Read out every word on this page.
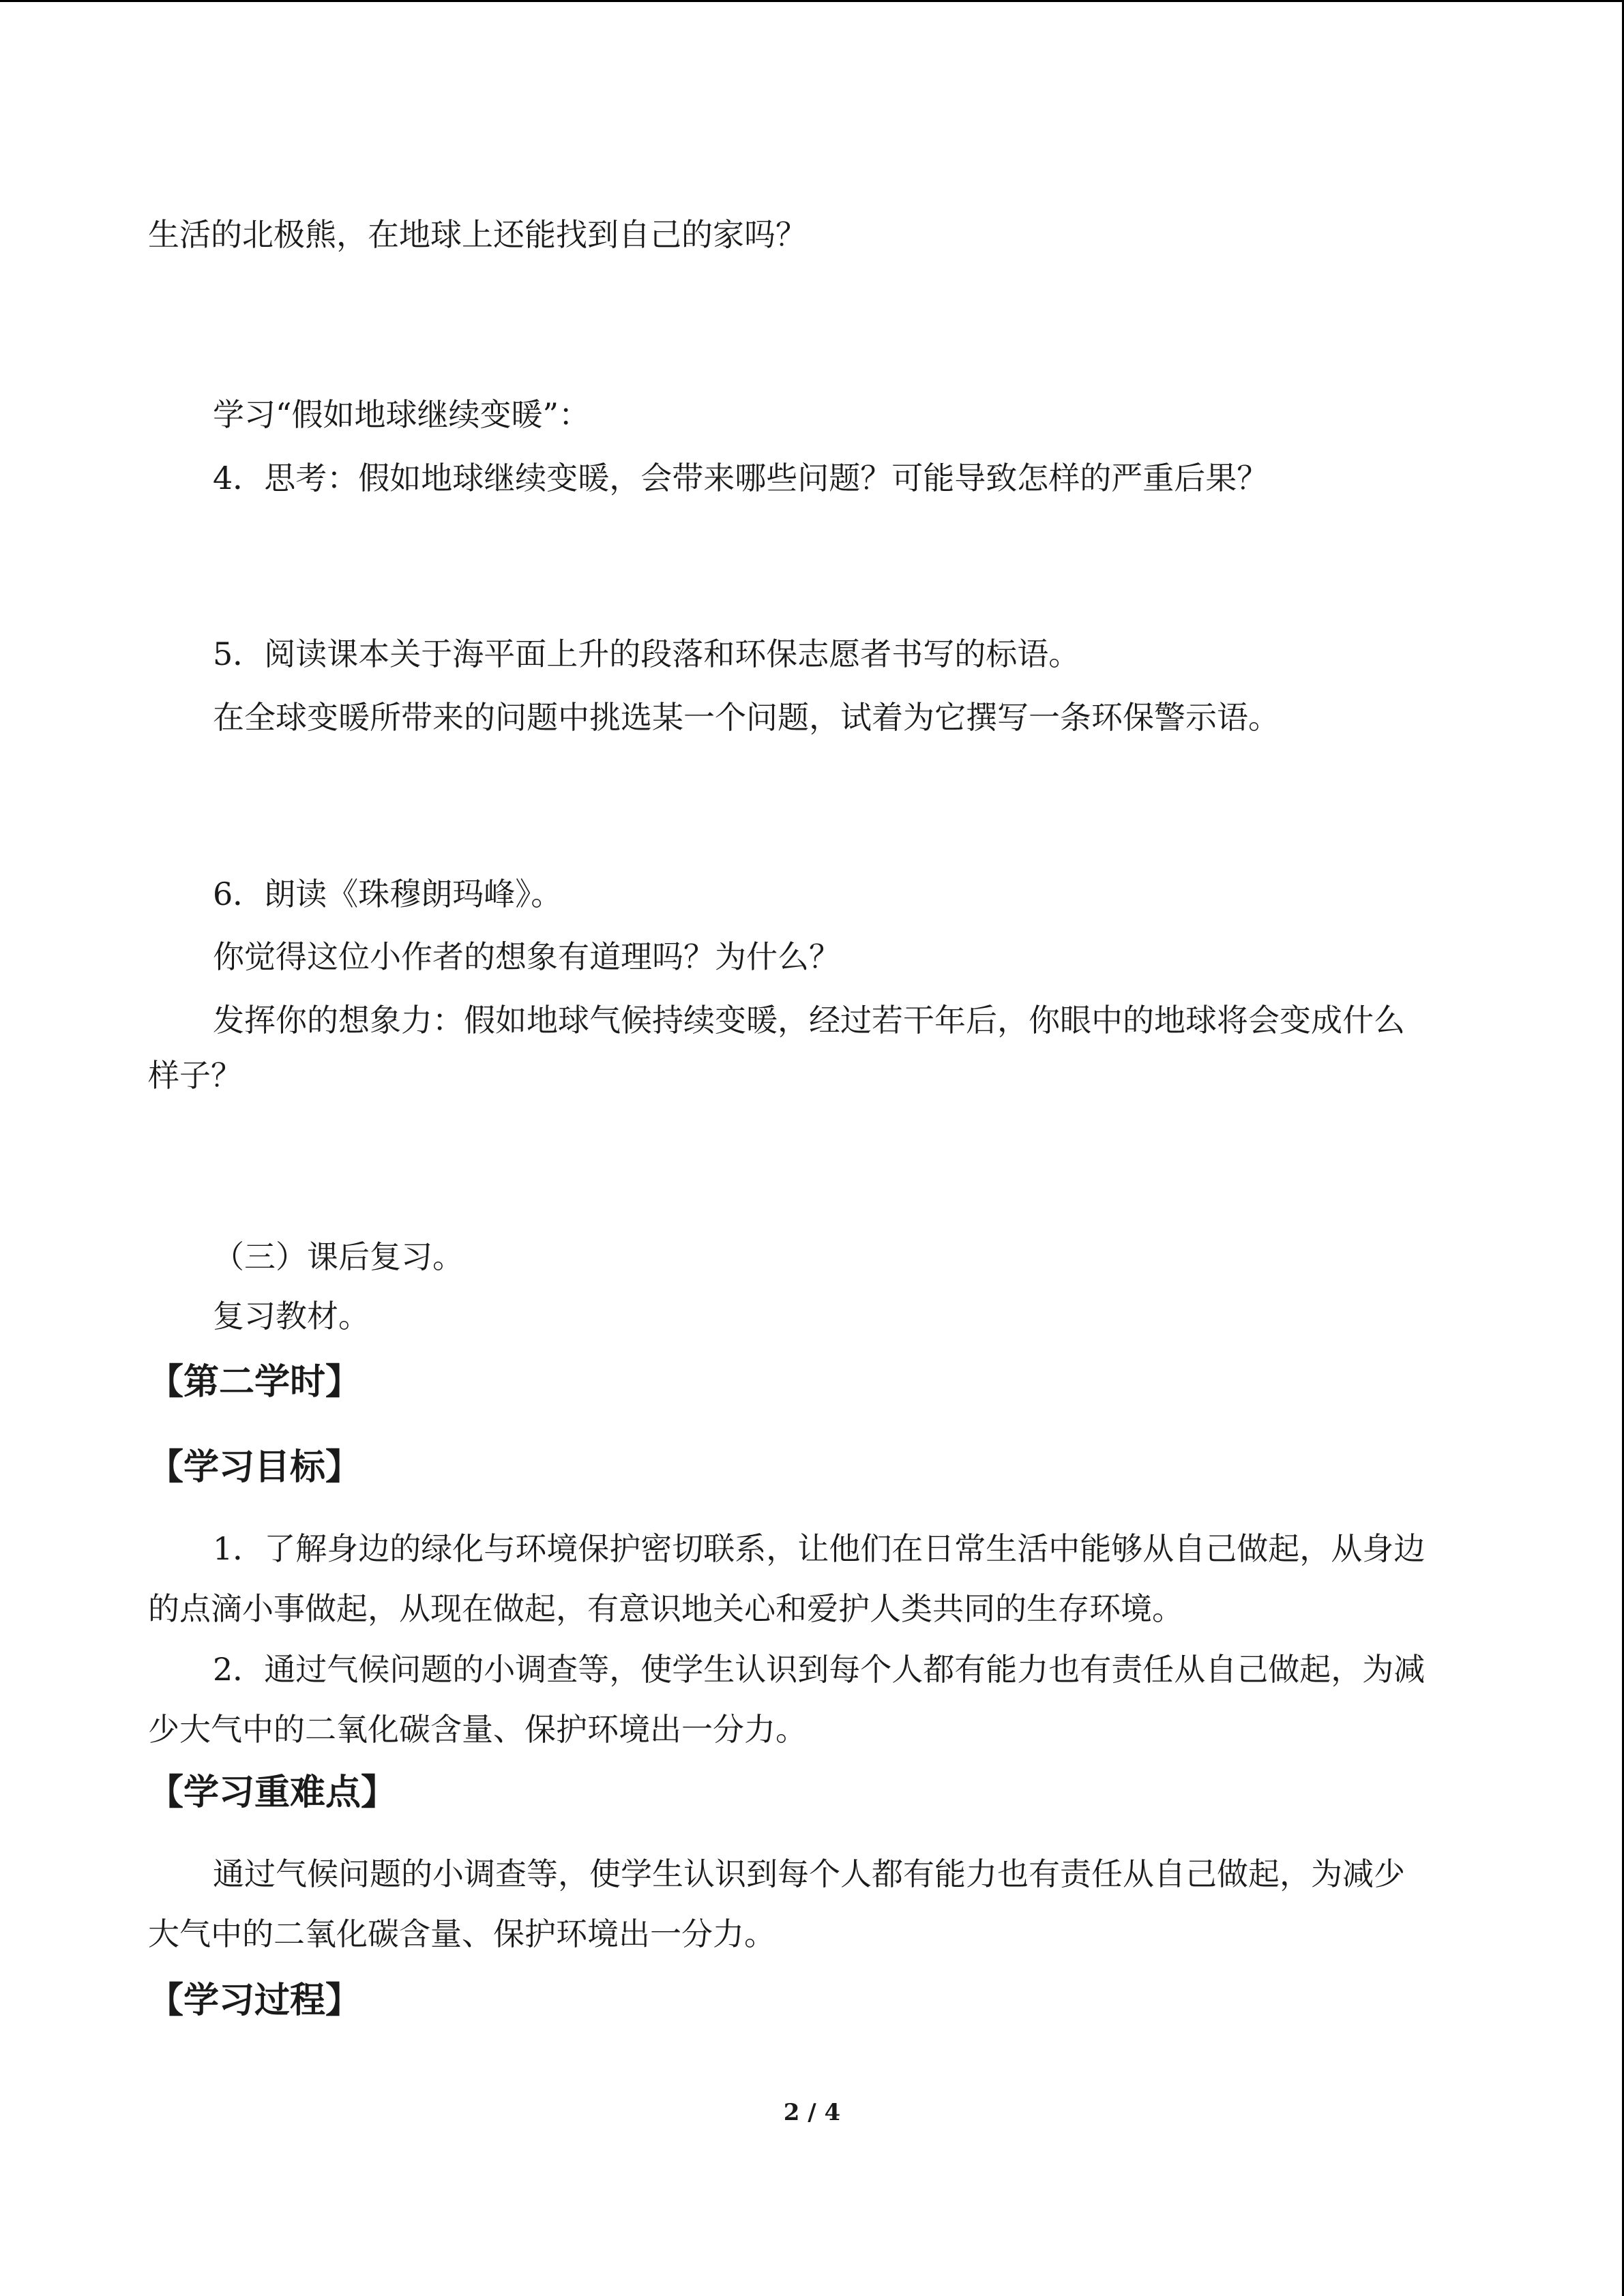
生活的北极熊，在地球上还能找到自己的家吗？
学习“假如地球继续变暖”：
4．思考：假如地球继续变暖，会带来哪些问题？可能导致怎样的严重后果？
5．阅读课本关于海平面上升的段落和环保志愿者书写的标语。
在全球变暖所带来的问题中挑选某一个问题，试着为它撰写一条环保警示语。
6．朗读《珠穆朗玛峰》。
你觉得这位小作者的想象有道理吗？为什么？
发挥你的想象力：假如地球气候持续变暖，经过若干年后，你眼中的地球将会变成什么
样子？
（三）课后复习。
复习教材。
【第二学时】
【学习目标】
1．了解身边的绿化与环境保护密切联系，让他们在日常生活中能够从自己做起，从身边
的点滴小事做起，从现在做起，有意识地关心和爱护人类共同的生存环境。
2．通过气候问题的小调查等，使学生认识到每个人都有能力也有责任从自己做起，为减
少大气中的二氧化碳含量、保护环境出一分力。
【学习重难点】
通过气候问题的小调查等，使学生认识到每个人都有能力也有责任从自己做起，为减少
大气中的二氧化碳含量、保护环境出一分力。
【学习过程】
2 / 4
